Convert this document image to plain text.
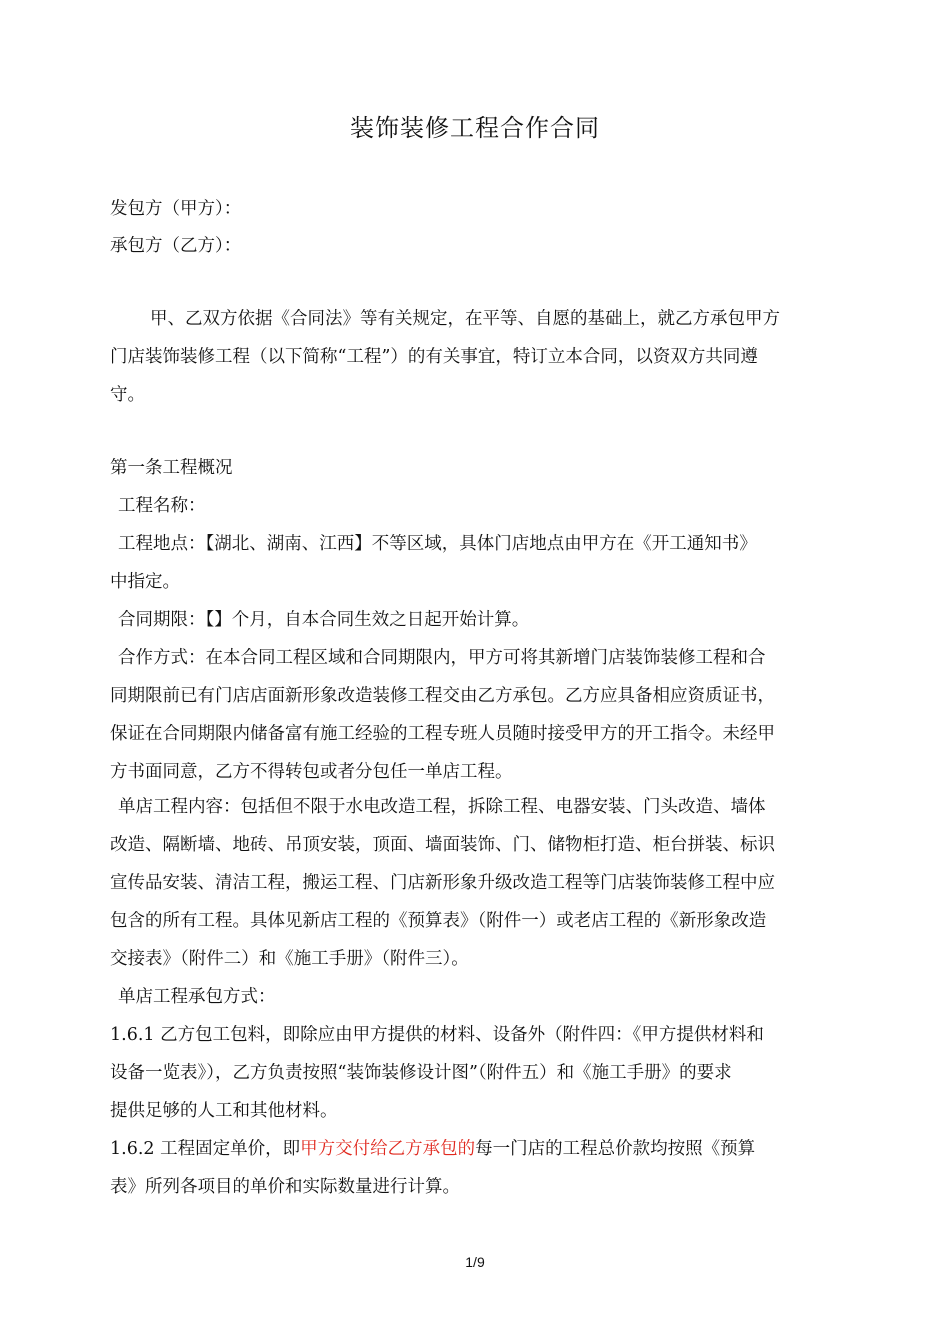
装饰装修工程合作合同
发包方（甲方）：
承包方（乙方）：
甲、乙双方依据《合同法》等有关规定，在平等、自愿的基础上，就乙方承包甲方
门店装饰装修工程（以下简称“工程”）的有关事宜，特订立本合同，以资双方共同遵
守。
第一条工程概况
工程名称：
工程地点：【湖北、湖南、江西】不等区域，具体门店地点由甲方在《开工通知书》
中指定。
合同期限：【】个月，自本合同生效之日起开始计算。
合作方式：在本合同工程区域和合同期限内，甲方可将其新增门店装饰装修工程和合
同期限前已有门店店面新形象改造装修工程交由乙方承包。乙方应具备相应资质证书，
保证在合同期限内储备富有施工经验的工程专班人员随时接受甲方的开工指令。未经甲
方书面同意，乙方不得转包或者分包任一单店工程。
单店工程内容：包括但不限于水电改造工程，拆除工程、电器安装、门头改造、墙体
改造、隔断墙、地砖、吊顶安装，顶面、墙面装饰、门、储物柜打造、柜台拼装、标识
宣传品安装、清洁工程，搬运工程、门店新形象升级改造工程等门店装饰装修工程中应
包含的所有工程。具体见新店工程的《预算表》（附件一）或老店工程的《新形象改造
交接表》（附件二）和《施工手册》（附件三）。
单店工程承包方式：
1.6.1 乙方包工包料，即除应由甲方提供的材料、设备外（附件四：《甲方提供材料和
设备一览表》），乙方负责按照“装饰装修设计图”（附件五）和《施工手册》的要求
提供足够的人工和其他材料。
1.6.2 工程固定单价，即甲方交付给乙方承包的每一门店的工程总价款均按照《预算
表》所列各项目的单价和实际数量进行计算。
1/9
